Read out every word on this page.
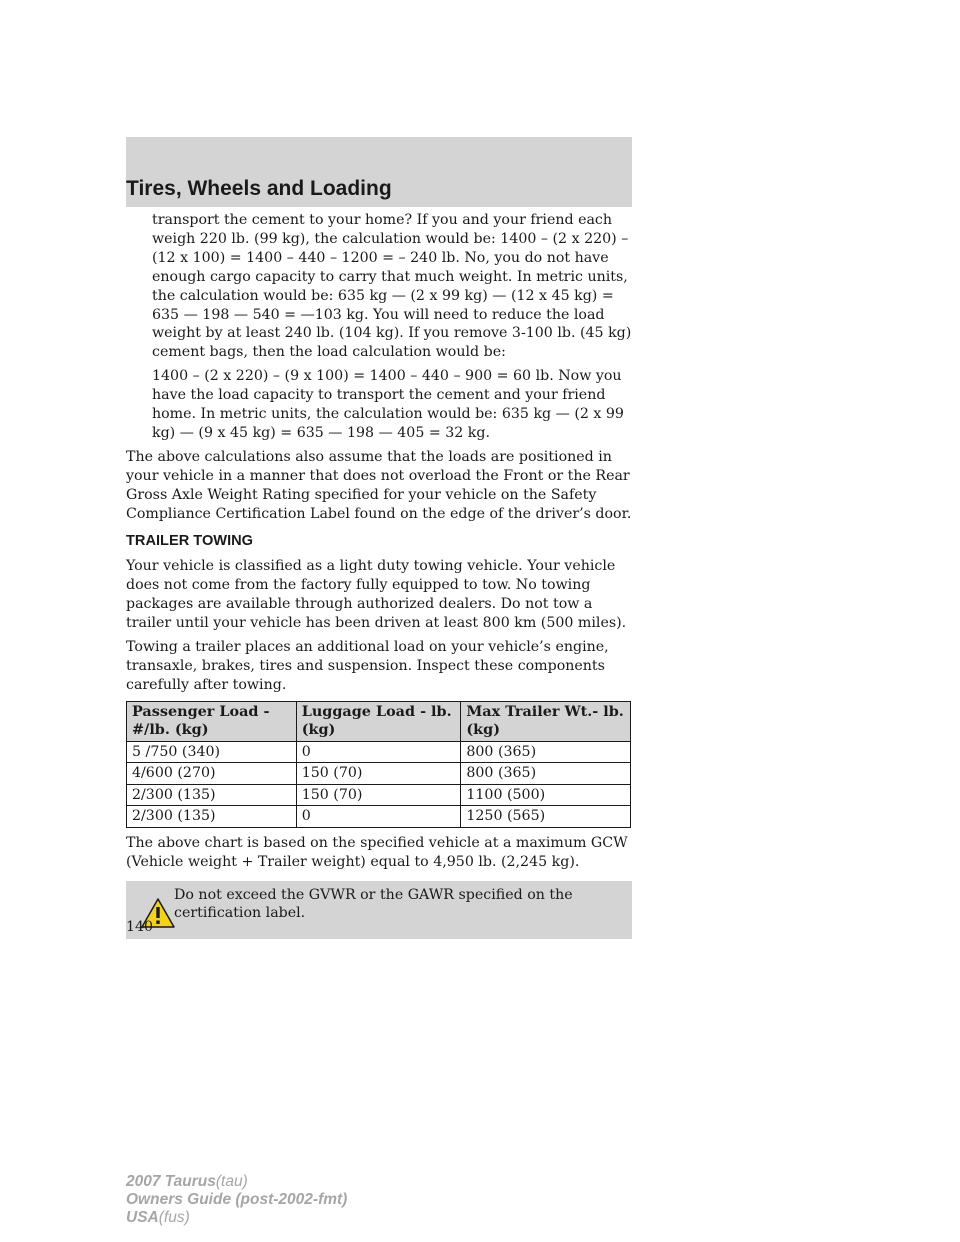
Tires, Wheels and Loading

transport the cement to your home? If you and your friend each weigh 220 lb. (99 kg), the calculation would be: 1400 – (2 x 220) – (12 x 100) = 1400 – 440 – 1200 = – 240 lb. No, you do not have enough cargo capacity to carry that much weight. In metric units, the calculation would be: 635 kg — (2 x 99 kg) — (12 x 45 kg) = 635 — 198 — 540 = —103 kg. You will need to reduce the load weight by at least 240 lb. (104 kg). If you remove 3-100 lb. (45 kg) cement bags, then the load calculation would be:

1400 – (2 x 220) – (9 x 100) = 1400 – 440 – 900 = 60 lb. Now you have the load capacity to transport the cement and your friend home. In metric units, the calculation would be: 635 kg — (2 x 99 kg) — (9 x 45 kg) = 635 — 198 — 405 = 32 kg.

The above calculations also assume that the loads are positioned in your vehicle in a manner that does not overload the Front or the Rear Gross Axle Weight Rating specified for your vehicle on the Safety Compliance Certification Label found on the edge of the driver’s door.

TRAILER TOWING

Your vehicle is classified as a light duty towing vehicle. Your vehicle does not come from the factory fully equipped to tow. No towing packages are available through authorized dealers. Do not tow a trailer until your vehicle has been driven at least 800 km (500 miles).

Towing a trailer places an additional load on your vehicle’s engine, transaxle, brakes, tires and suspension. Inspect these components carefully after towing.

Passenger Load - #/lb. (kg)	Luggage Load - lb. (kg)	Max Trailer Wt.- lb. (kg)
5 /750 (340)	0	800 (365)
4/600 (270)	150 (70)	800 (365)
2/300 (135)	150 (70)	1100 (500)
2/300 (135)	0	1250 (565)

The above chart is based on the specified vehicle at a maximum GCW (Vehicle weight + Trailer weight) equal to 4,950 lb. (2,245 kg).

Do not exceed the GVWR or the GAWR specified on the certification label.
140
2007 Taurus(tau)
Owners Guide (post-2002-fmt)
USA(fus)
